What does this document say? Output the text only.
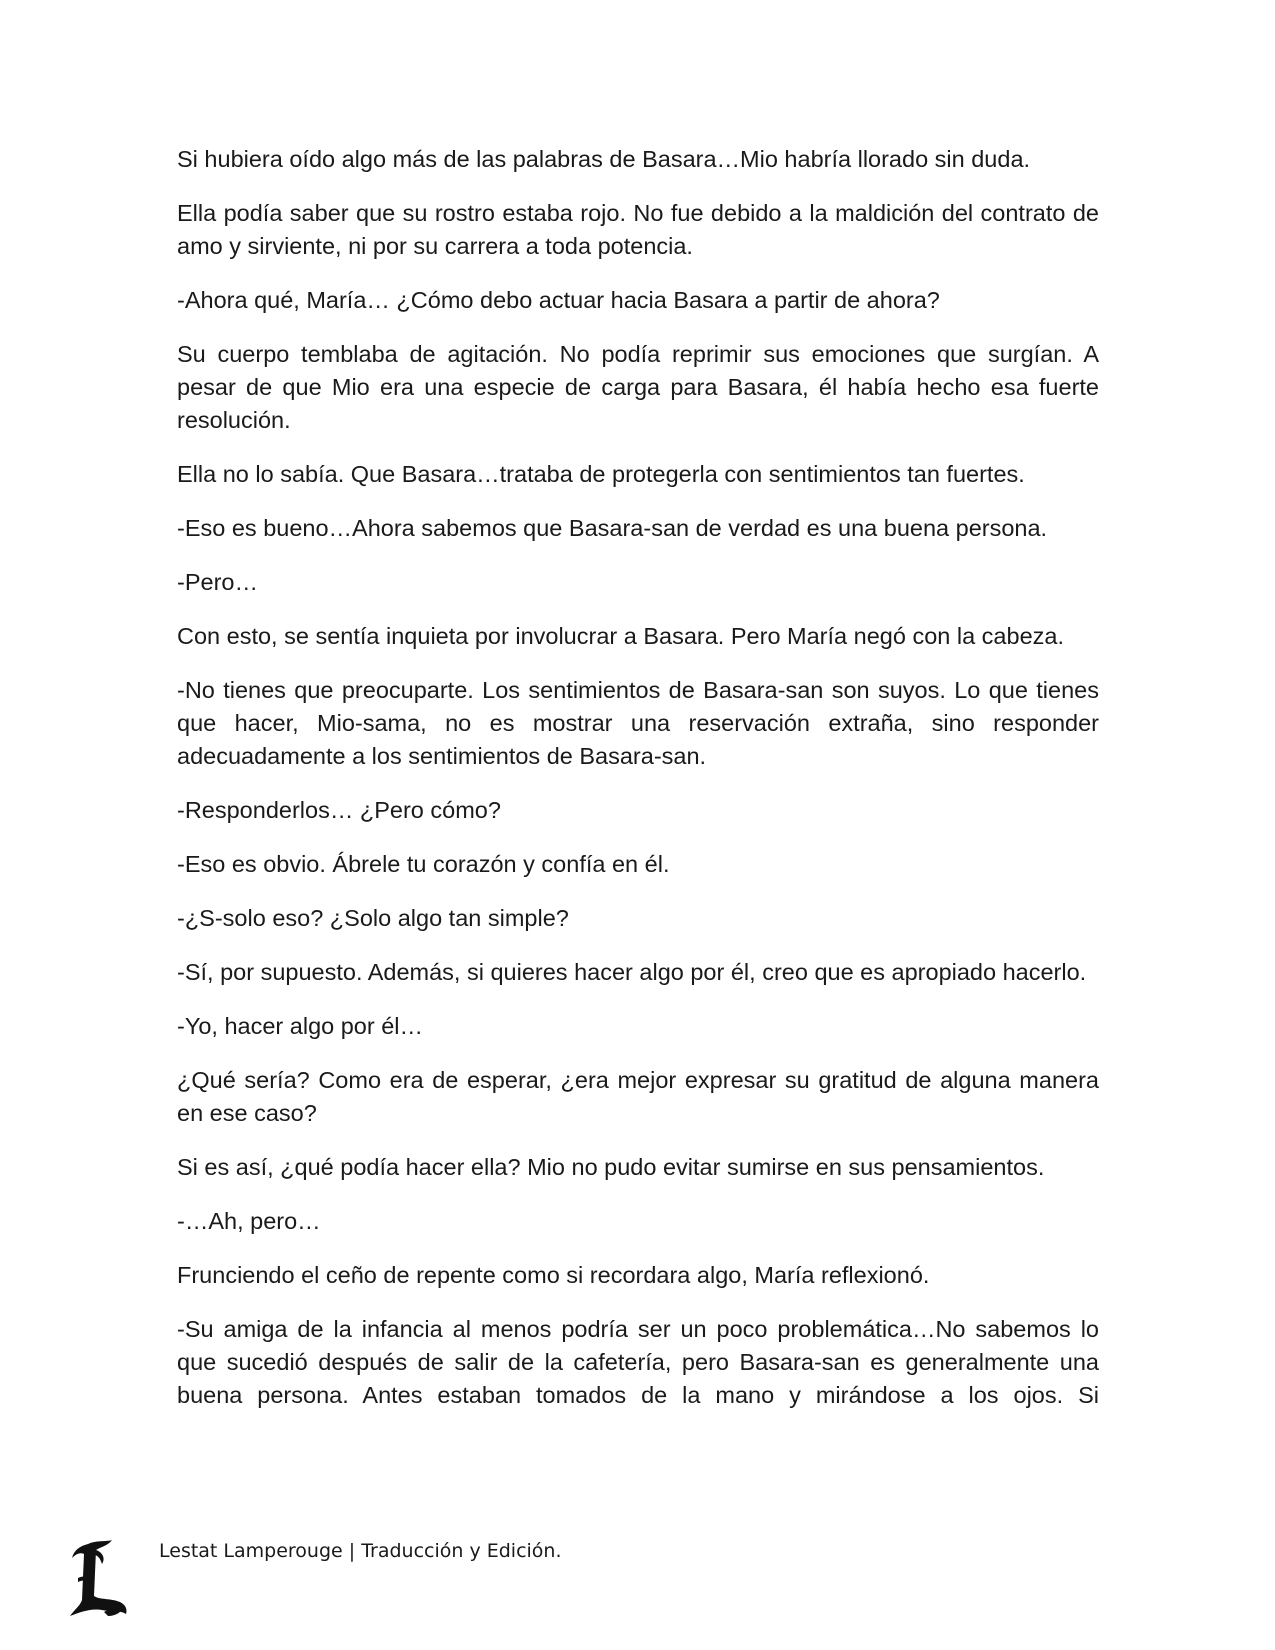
Si hubiera oído algo más de las palabras de Basara…Mio habría llorado sin duda.

Ella podía saber que su rostro estaba rojo. No fue debido a la maldición del contrato de amo y sirviente, ni por su carrera a toda potencia.

-Ahora qué, María… ¿Cómo debo actuar hacia Basara a partir de ahora?

Su cuerpo temblaba de agitación. No podía reprimir sus emociones que surgían. A pesar de que Mio era una especie de carga para Basara, él había hecho esa fuerte resolución.

Ella no lo sabía. Que Basara…trataba de protegerla con sentimientos tan fuertes.

-Eso es bueno…Ahora sabemos que Basara-san de verdad es una buena persona.

-Pero…

Con esto, se sentía inquieta por involucrar a Basara. Pero María negó con la cabeza.

-No tienes que preocuparte. Los sentimientos de Basara-san son suyos. Lo que tienes que hacer, Mio-sama, no es mostrar una reservación extraña, sino responder adecuadamente a los sentimientos de Basara-san.

-Responderlos… ¿Pero cómo?

-Eso es obvio. Ábrele tu corazón y confía en él.

-¿S-solo eso? ¿Solo algo tan simple?

-Sí, por supuesto. Además, si quieres hacer algo por él, creo que es apropiado hacerlo.

-Yo, hacer algo por él…

¿Qué sería? Como era de esperar, ¿era mejor expresar su gratitud de alguna manera en ese caso?

Si es así, ¿qué podía hacer ella? Mio no pudo evitar sumirse en sus pensamientos.

-…Ah, pero…

Frunciendo el ceño de repente como si recordara algo, María reflexionó.

-Su amiga de la infancia al menos podría ser un poco problemática…No sabemos lo que sucedió después de salir de la cafetería, pero Basara-san es generalmente una buena persona. Antes estaban tomados de la mano y mirándose a los ojos. Si

Lestat Lamperouge | Traducción y Edición.
